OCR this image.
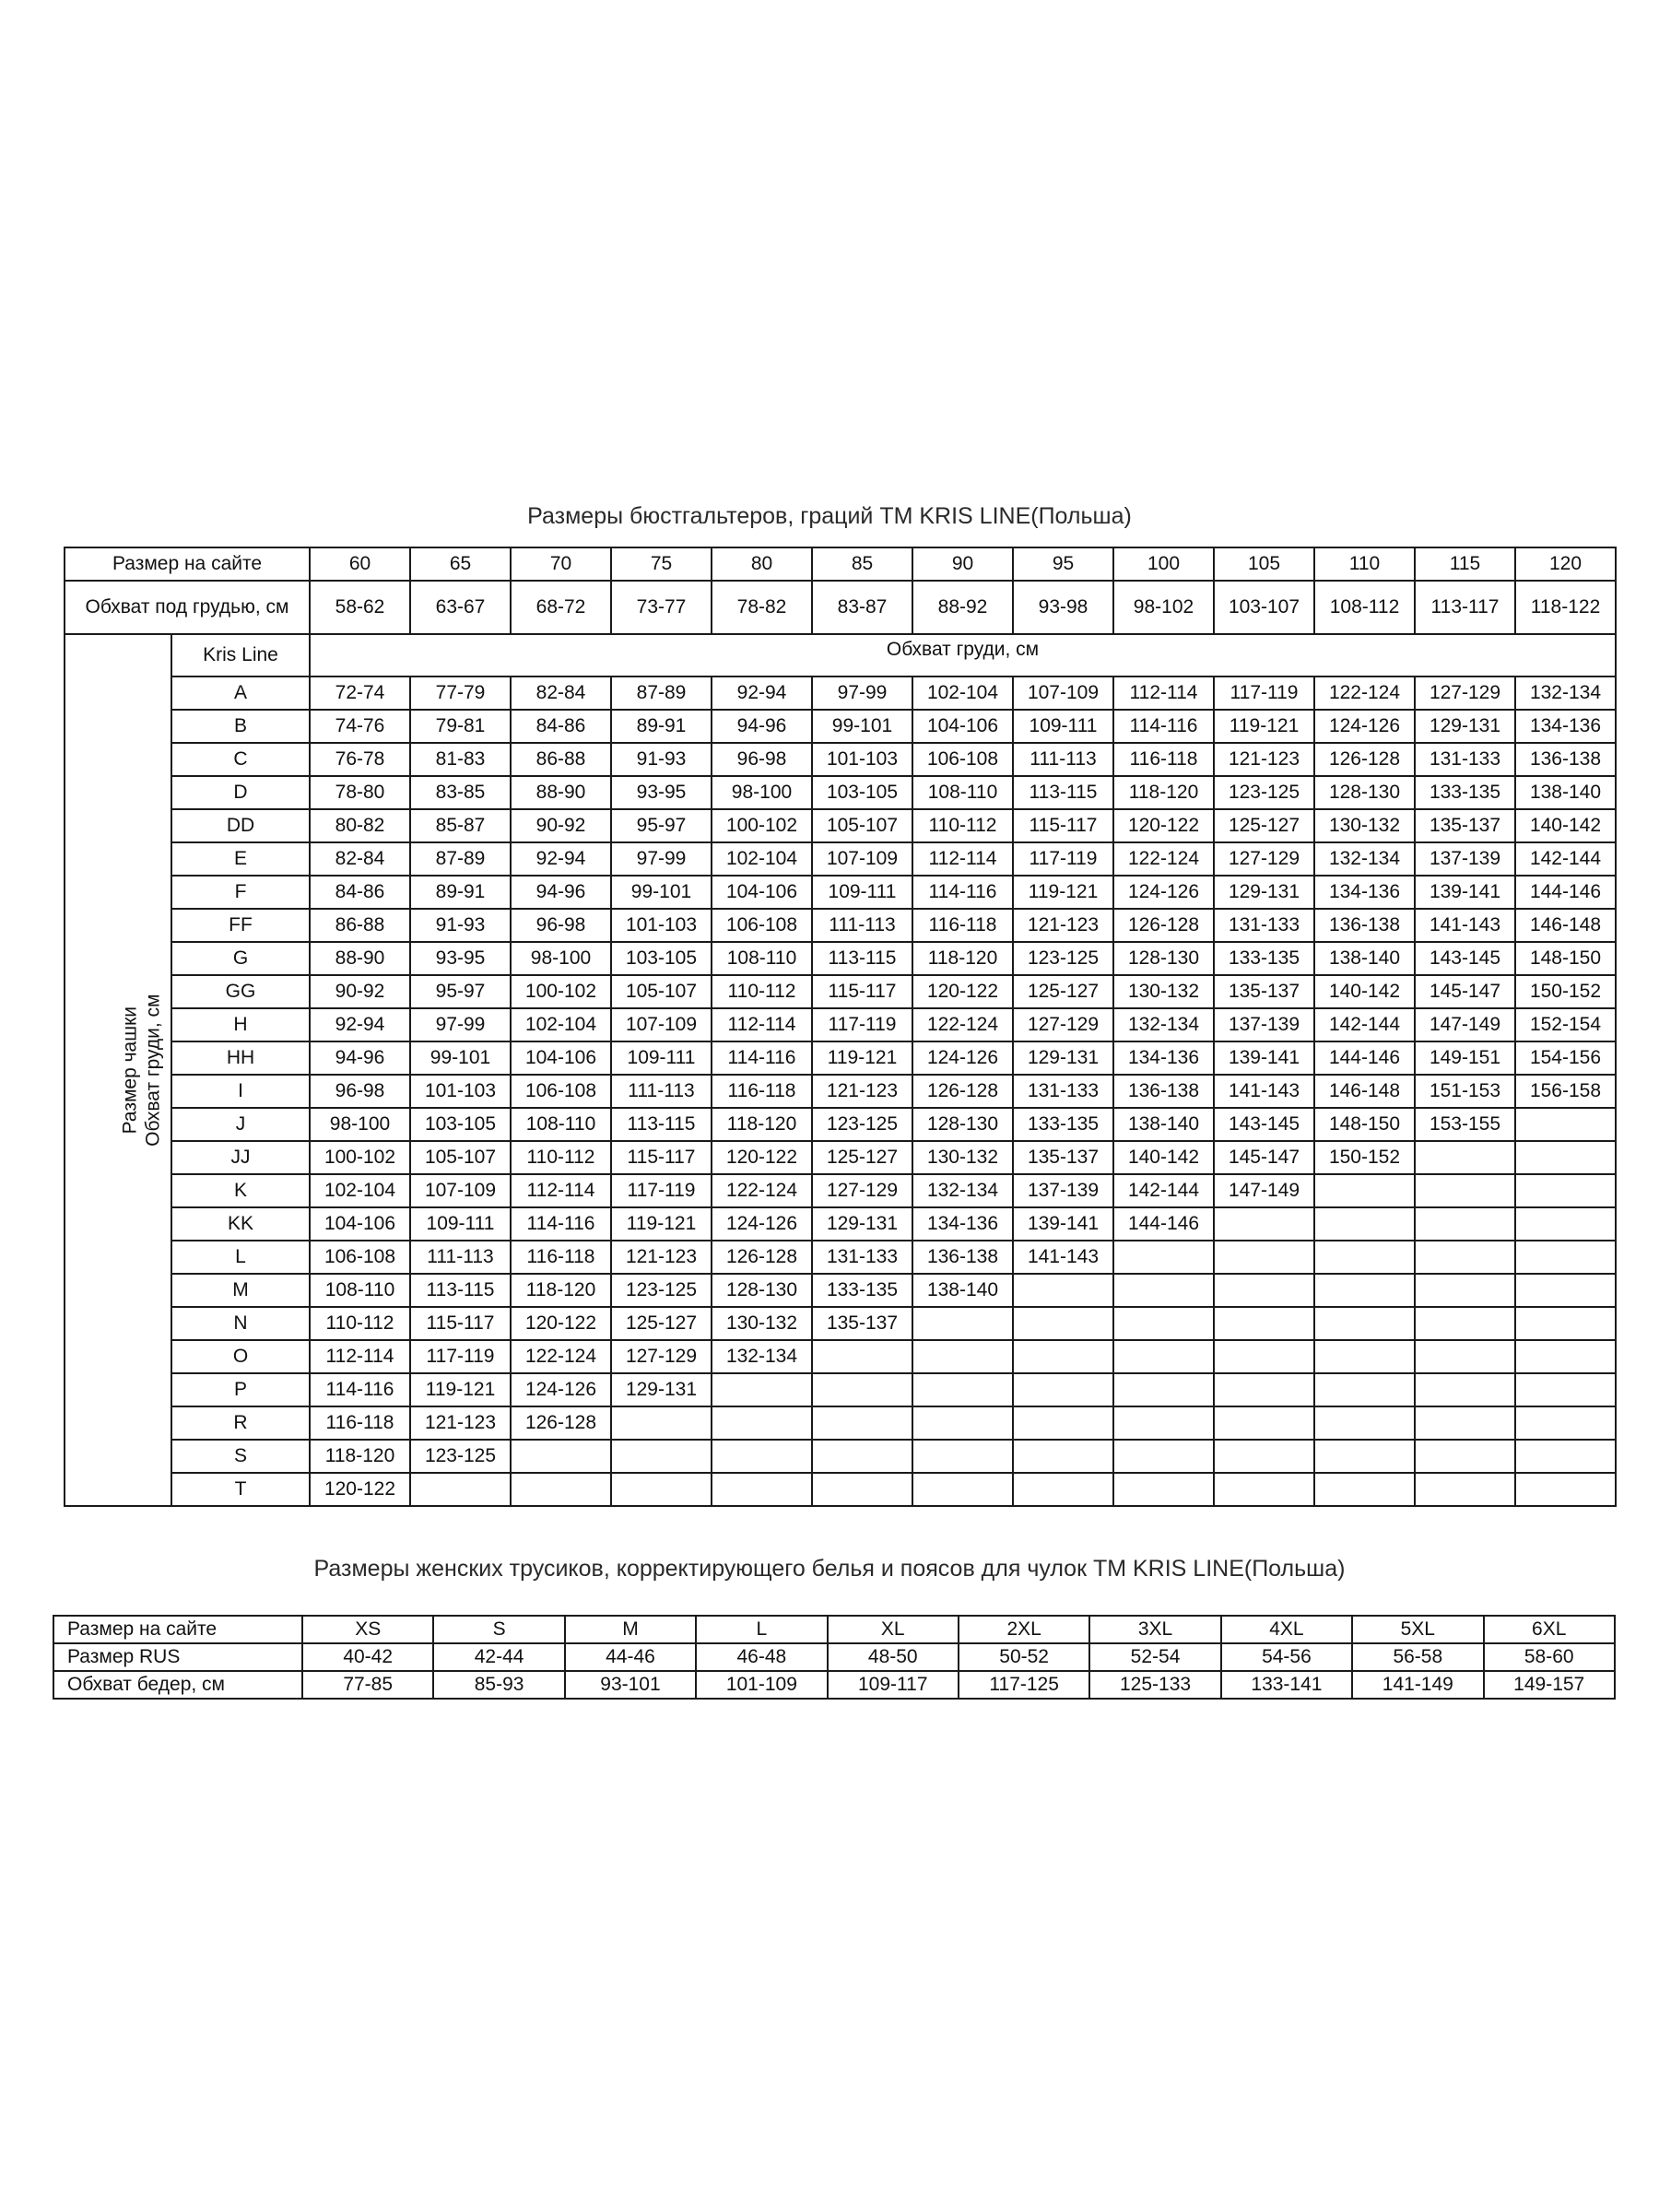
Размеры бюстгальтеров, граций TM KRIS LINE(Польша)
Размер на сайте		60	65	70	75	80	85	90	95	100	105	110	115	120
Обхват под грудью, см		58-62	63-67	68-72	73-77	78-82	83-87	88-92	93-98	98-102	103-107	108-112	113-117	118-122

Размер чашки Обхват груди, см	Kris Line	Обхват груди, см												
	A	72-74	77-79	82-84	87-89	92-94	97-99	102-104	107-109	112-114	117-119	122-124	127-129	132-134
	B	74-76	79-81	84-86	89-91	94-96	99-101	104-106	109-111	114-116	119-121	124-126	129-131	134-136
	C	76-78	81-83	86-88	91-93	96-98	101-103	106-108	111-113	116-118	121-123	126-128	131-133	136-138
	D	78-80	83-85	88-90	93-95	98-100	103-105	108-110	113-115	118-120	123-125	128-130	133-135	138-140
	DD	80-82	85-87	90-92	95-97	100-102	105-107	110-112	115-117	120-122	125-127	130-132	135-137	140-142
	E	82-84	87-89	92-94	97-99	102-104	107-109	112-114	117-119	122-124	127-129	132-134	137-139	142-144
	F	84-86	89-91	94-96	99-101	104-106	109-111	114-116	119-121	124-126	129-131	134-136	139-141	144-146
	FF	86-88	91-93	96-98	101-103	106-108	111-113	116-118	121-123	126-128	131-133	136-138	141-143	146-148
	G	88-90	93-95	98-100	103-105	108-110	113-115	118-120	123-125	128-130	133-135	138-140	143-145	148-150
	GG	90-92	95-97	100-102	105-107	110-112	115-117	120-122	125-127	130-132	135-137	140-142	145-147	150-152
	H	92-94	97-99	102-104	107-109	112-114	117-119	122-124	127-129	132-134	137-139	142-144	147-149	152-154
	HH	94-96	99-101	104-106	109-111	114-116	119-121	124-126	129-131	134-136	139-141	144-146	149-151	154-156
	I	96-98	101-103	106-108	111-113	116-118	121-123	126-128	131-133	136-138	141-143	146-148	151-153	156-158
	J	98-100	103-105	108-110	113-115	118-120	123-125	128-130	133-135	138-140	143-145	148-150	153-155	
	JJ	100-102	105-107	110-112	115-117	120-122	125-127	130-132	135-137	140-142	145-147	150-152		
	K	102-104	107-109	112-114	117-119	122-124	127-129	132-134	137-139	142-144	147-149			
	KK	104-106	109-111	114-116	119-121	124-126	129-131	134-136	139-141	144-146				
	L	106-108	111-113	116-118	121-123	126-128	131-133	136-138	141-143					
	M	108-110	113-115	118-120	123-125	128-130	133-135	138-140						
	N	110-112	115-117	120-122	125-127	130-132	135-137							
	O	112-114	117-119	122-124	127-129	132-134								
	P	114-116	119-121	124-126	129-131									
	R	116-118	121-123	126-128										
	S	118-120	123-125											
	T	120-122												
Размеры женских трусиков, корректирующего белья и поясов для чулок TM KRIS LINE(Польша)
Размер на сайте	XS	S	M	L	XL	2XL	3XL	4XL	5XL	6XL
Размер RUS	40-42	42-44	44-46	46-48	48-50	50-52	52-54	54-56	56-58	58-60
Обхват бедер, см	77-85	85-93	93-101	101-109	109-117	117-125	125-133	133-141	141-149	149-157
